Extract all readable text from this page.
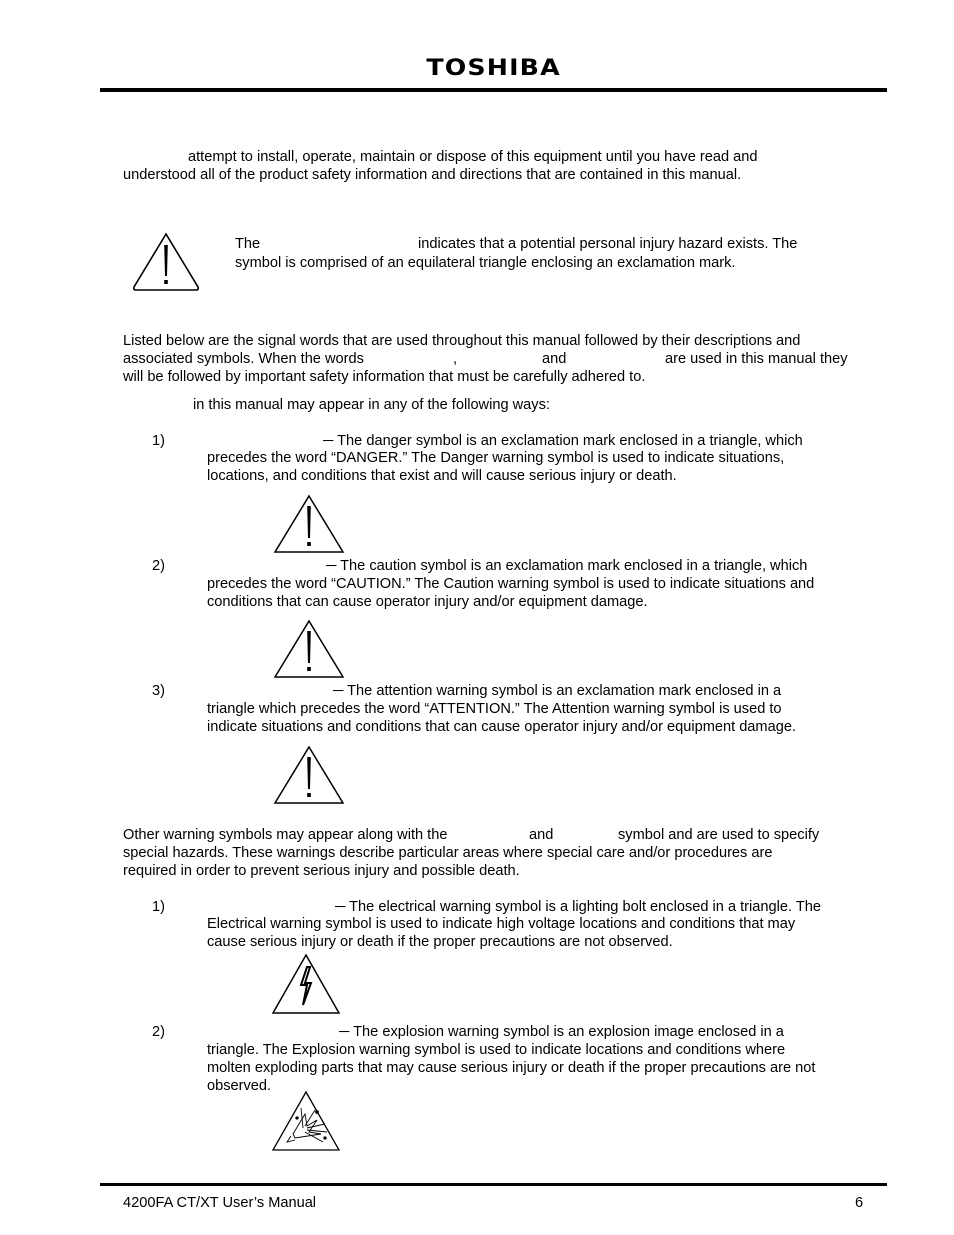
TOSHIBA
attempt to install, operate, maintain or dispose of this equipment until you have read and
understood all of the product safety information and directions that are contained in this manual.
The	indicates that a potential personal injury hazard exists. The
symbol is comprised of an equilateral triangle enclosing an exclamation mark.
Listed below are the signal words that are used throughout this manual followed by their descriptions and
associated symbols. When the words	,	and	are used in this manual they
will be followed by important safety information that must be carefully adhered to.
in this manual may appear in any of the following ways:
1)	─ The danger symbol is an exclamation mark enclosed in a triangle, which
precedes the word “DANGER.” The Danger warning symbol is used to indicate situations,
locations, and conditions that exist and will cause serious injury or death.
2)	─ The caution symbol is an exclamation mark enclosed in a triangle, which
precedes the word “CAUTION.” The Caution warning symbol is used to indicate situations and
conditions that can cause operator injury and/or equipment damage.
3)	─ The attention warning symbol is an exclamation mark enclosed in a
triangle which precedes the word “ATTENTION.” The Attention warning symbol is used to
indicate situations and conditions that can cause operator injury and/or equipment damage.
Other warning symbols may appear along with the	and	symbol and are used to specify
special hazards. These warnings describe particular areas where special care and/or procedures are
required in order to prevent serious injury and possible death.
1)	─ The electrical warning symbol is a lighting bolt enclosed in a triangle. The
Electrical warning symbol is used to indicate high voltage locations and conditions that may
cause serious injury or death if the proper precautions are not observed.
2)	─ The explosion warning symbol is an explosion image enclosed in a
triangle. The Explosion warning symbol is used to indicate locations and conditions where
molten exploding parts that may cause serious injury or death if the proper precautions are not
observed.
4200FA CT/XT User’s Manual	6
